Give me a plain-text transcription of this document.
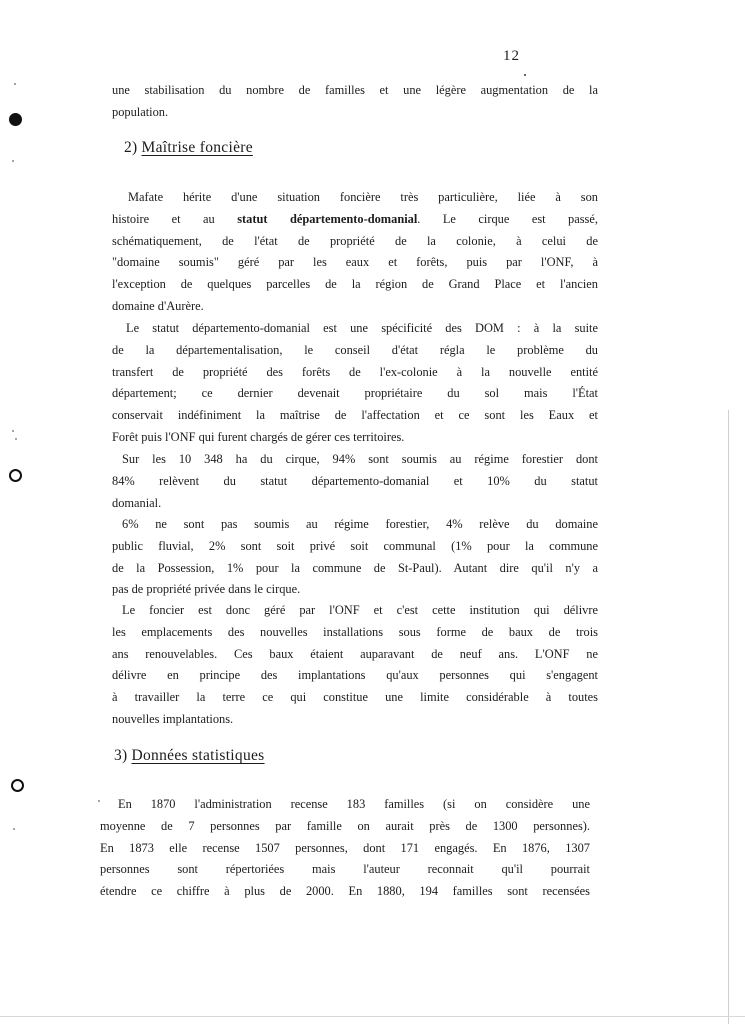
12
une stabilisation du nombre de familles et une légère augmentation de la
population.
2) Maîtrise foncière
Mafate hérite d'une situation foncière très particulière, liée à son
histoire et au statut départemento-domanial. Le cirque est passé,
schématiquement, de l'état de propriété de la colonie, à celui de
"domaine soumis" géré par les eaux et forêts, puis par l'ONF, à
l'exception de quelques parcelles de la région de Grand Place et l'ancien
domaine d'Aurère.
Le statut départemento-domanial est une spécificité des DOM : à la suite
de la départementalisation, le conseil d'état régla le problème du
transfert de propriété des forêts de l'ex-colonie à la nouvelle entité
département; ce dernier devenait propriétaire du sol mais l'État
conservait indéfiniment la maîtrise de l'affectation et ce sont les Eaux et
Forêt puis l'ONF qui furent chargés de gérer ces territoires.
Sur les 10 348 ha du cirque, 94% sont soumis au régime forestier dont
84% relèvent du statut départemento-domanial et 10% du statut
domanial.
6% ne sont pas soumis au régime forestier, 4% relève du domaine
public fluvial, 2% sont soit privé soit communal (1% pour la commune
de la Possession, 1% pour la commune de St-Paul). Autant dire qu'il n'y a
pas de propriété privée dans le cirque.
Le foncier est donc géré par l'ONF et c'est cette institution qui délivre
les emplacements des nouvelles installations sous forme de baux de trois
ans renouvelables. Ces baux étaient auparavant de neuf ans. L'ONF ne
délivre en principe des implantations qu'aux personnes qui s'engagent
à travailler la terre ce qui constitue une limite considérable à toutes
nouvelles implantations.
3) Données statistiques
En 1870 l'administration recense 183 familles (si on considère une
moyenne de 7 personnes par famille on aurait près de 1300 personnes).
En 1873 elle recense 1507 personnes, dont 171 engagés. En 1876, 1307
personnes sont répertoriées mais l'auteur reconnait qu'il pourrait
étendre ce chiffre à plus de 2000. En 1880, 194 familles sont recensées
